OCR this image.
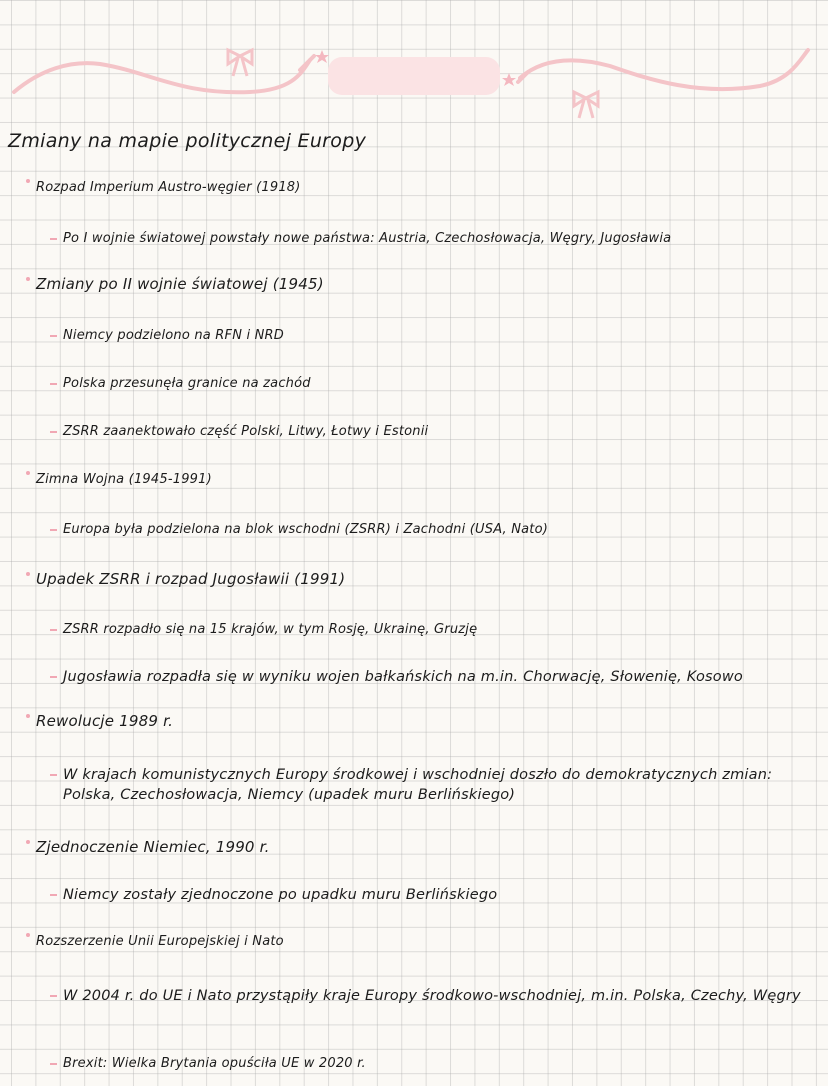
Zmiany na mapie politycznej Europy
Rozpad Imperium Austro-węgier (1918)
Po I wojnie światowej powstały nowe państwa: Austria, Czechosłowacja, Węgry, Jugosławia
Zmiany po II wojnie światowej (1945)
Niemcy podzielono na RFN i NRD
Polska przesunęła granice na zachód
ZSRR zaanektowało część Polski, Litwy, Łotwy i Estonii
Zimna Wojna (1945-1991)
Europa była podzielona na blok wschodni (ZSRR) i Zachodni (USA, Nato)
Upadek ZSRR i rozpad Jugosławii (1991)
ZSRR rozpadło się na 15 krajów, w tym Rosję, Ukrainę, Gruzję
Jugosławia rozpadła się w wyniku wojen bałkańskich na m.in. Chorwację, Słowenię, Kosowo
Rewolucje 1989 r.
W krajach komunistycznych Europy środkowej i wschodniej doszło do demokratycznych zmian: Polska, Czechosłowacja, Niemcy (upadek muru Berlińskiego)
Zjednoczenie Niemiec, 1990 r.
Niemcy zostały zjednoczone po upadku muru Berlińskiego
Rozszerzenie Unii Europejskiej i Nato
W 2004 r. do UE i Nato przystąpiły kraje Europy środkowo-wschodniej, m.in. Polska, Czechy, Węgry
Brexit: Wielka Brytania opuściła UE w 2020 r.
